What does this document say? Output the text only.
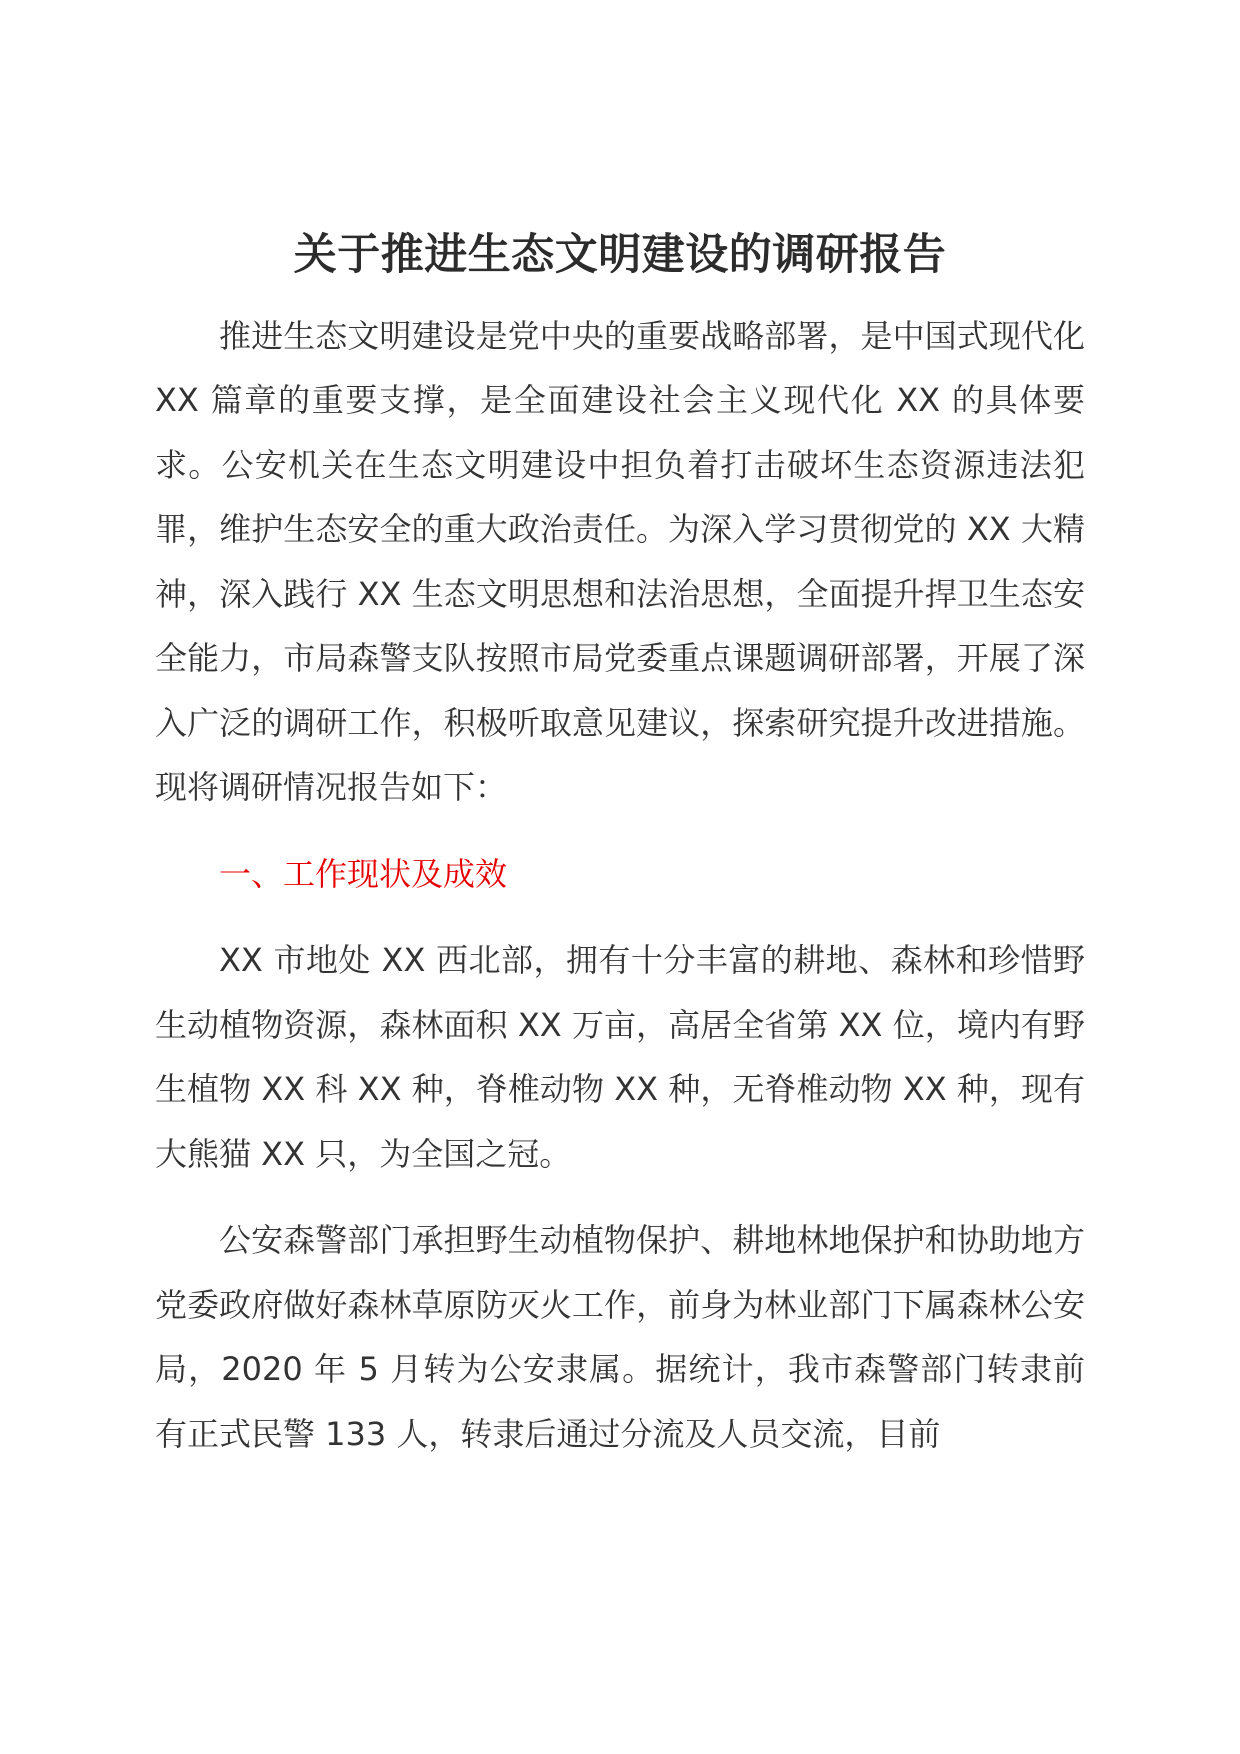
关于推进生态文明建设的调研报告

推进生态文明建设是党中央的重要战略部署，是中国式现代化 XX 篇章的重要支撑，是全面建设社会主义现代化 XX 的具体要求。公安机关在生态文明建设中担负着打击破坏生态资源违法犯罪，维护生态安全的重大政治责任。为深入学习贯彻党的 XX 大精神，深入践行 XX 生态文明思想和法治思想，全面提升捍卫生态安全能力，市局森警支队按照市局党委重点课题调研部署，开展了深入广泛的调研工作，积极听取意见建议，探索研究提升改进措施。现将调研情况报告如下：

一、工作现状及成效

XX 市地处 XX 西北部，拥有十分丰富的耕地、森林和珍惜野生动植物资源，森林面积 XX 万亩，高居全省第 XX 位，境内有野生植物 XX 科 XX 种，脊椎动物 XX 种，无脊椎动物 XX 种，现有大熊猫 XX 只，为全国之冠。

公安森警部门承担野生动植物保护、耕地林地保护和协助地方党委政府做好森林草原防灭火工作，前身为林业部门下属森林公安局，2020 年 5 月转为公安隶属。据统计，我市森警部门转隶前有正式民警 133 人，转隶后通过分流及人员交流，目前
